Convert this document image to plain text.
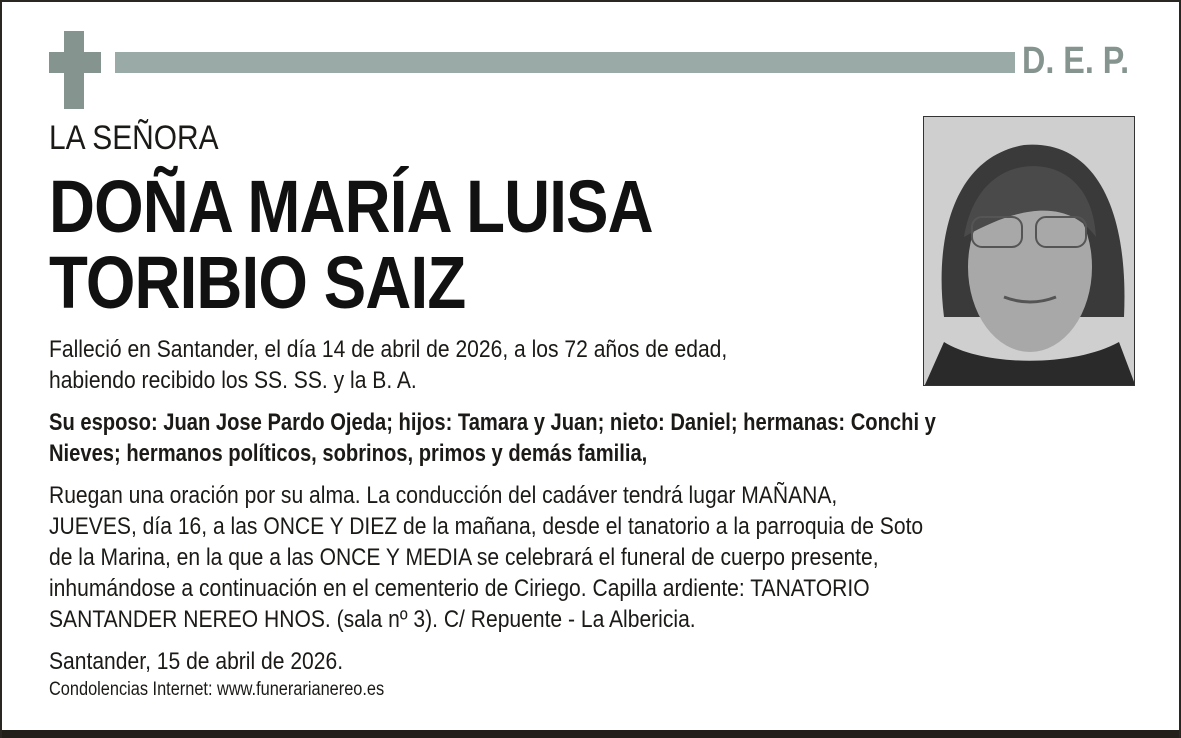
D. E. P.
LA SEÑORA
DOÑA MARÍA LUISA
TORIBIO SAIZ
Falleció en Santander, el día 14 de abril de 2026, a los 72 años de edad,
habiendo recibido los SS. SS. y la B. A.
Su esposo: Juan Jose Pardo Ojeda; hijos: Tamara y Juan; nieto: Daniel; hermanas: Conchi y
Nieves; hermanos políticos, sobrinos, primos y demás familia,
Ruegan una oración por su alma. La conducción del cadáver tendrá lugar MAÑANA,
JUEVES, día 16, a las ONCE Y DIEZ de la mañana, desde el tanatorio a la parroquia de Soto
de la Marina, en la que a las ONCE Y MEDIA se celebrará el funeral de cuerpo presente,
inhumándose a continuación en el cementerio de Ciriego. Capilla ardiente: TANATORIO
SANTANDER NEREO HNOS. (sala nº 3). C/ Repuente - La Albericia.
Santander, 15 de abril de 2026.
Condolencias Internet: www.funerarianereo.es
